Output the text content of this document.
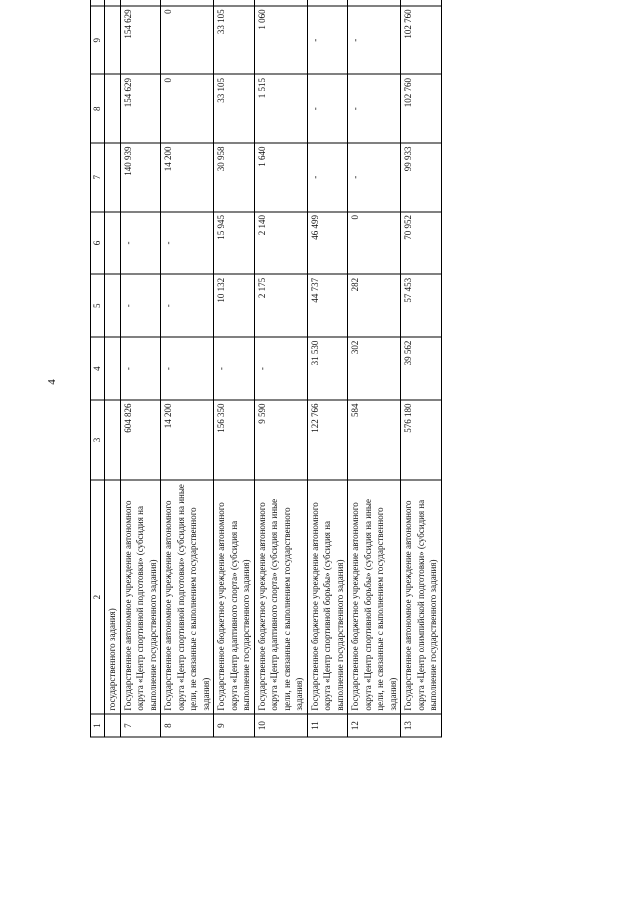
4
1	2	3	4	5	6	7	8	9	
	государственного задания)								
7	Государственное автономное учреждение автономного округа «Центр спортивной подготовки» (субсидия на выполнение государственного задания)	604 826	-	-	-	140 939	154 629	154 629	
8	Государственное автономное учреждение автономного округа «Центр спортивной подготовки» (субсидия на иные цели, не связанные с выполнением государственного задания)	14 200	-	-	-	14 200	0	0	
9	Государственное бюджетное учреждение автономного округа «Центр адаптивного спорта» (субсидия на выполнение государственного задания)	156 350	-	10 132	15 945	30 958	33 105	33 105	
10	Государственное бюджетное учреждение автономного округа «Центр адаптивного спорта» (субсидия на иные цели, не связанные с выполнением государственного задания)	9 590	-	2 175	2 140	1 640	1 515	1 060	
11	Государственное бюджетное учреждение автономного округа «Центр спортивной борьбы» (субсидия на выполнение государственного задания)	122 766	31 530	44 737	46 499	-	-	-	
12	Государственное бюджетное учреждение автономного округа «Центр спортивной борьбы» (субсидия на иные цели, не связанные с выполнением государственного задания)	584	302	282	0	-	-	-	
13	Государственное автономное учреждение автономного округа «Центр олимпийской подготовки» (субсидия на выполнение государственного задания)	576 180	39 562	57 453	70 952	99 933	102 760	102 760	
